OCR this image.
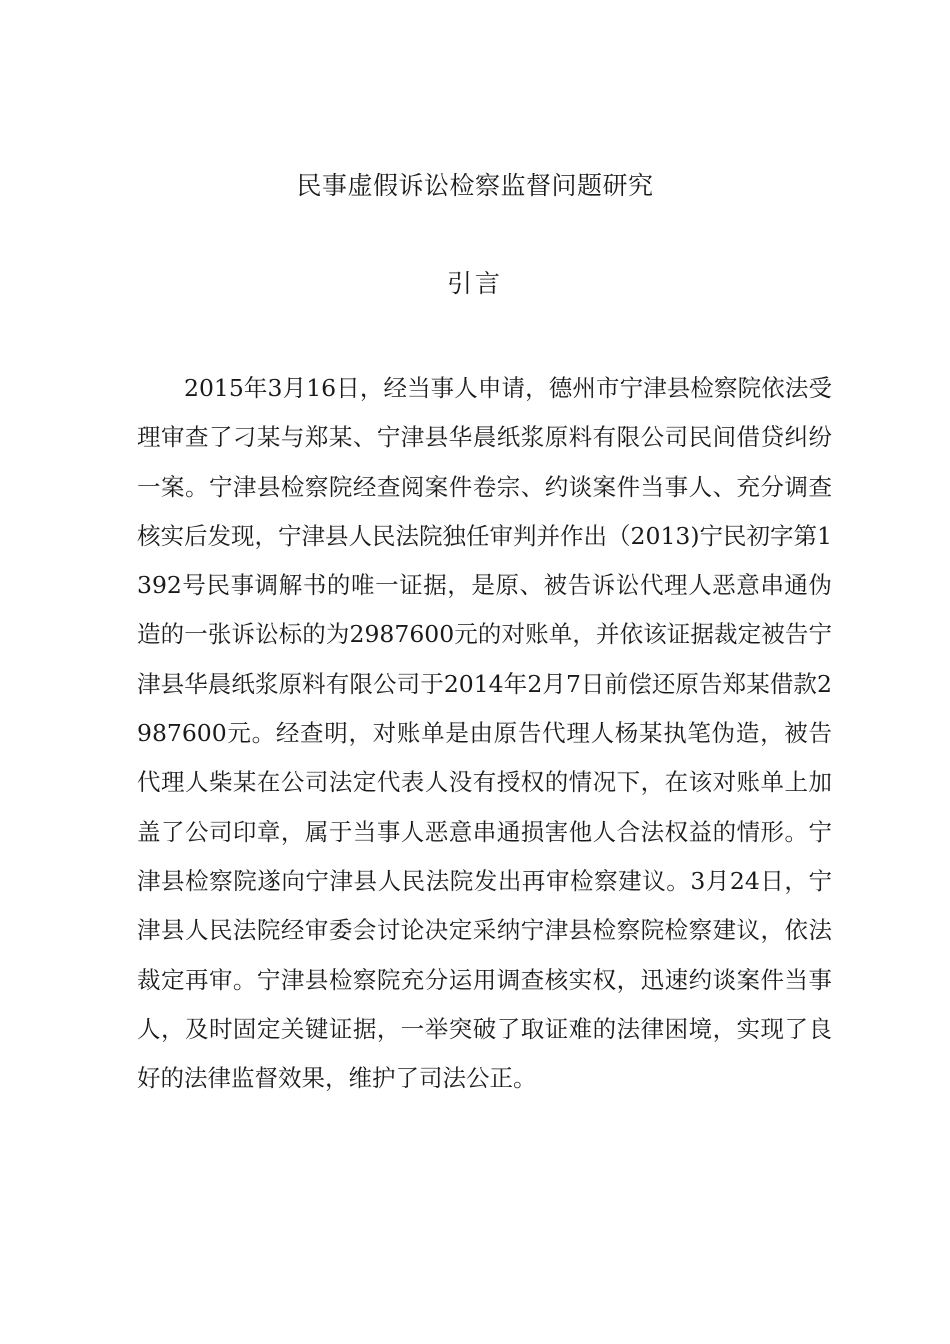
民事虚假诉讼检察监督问题研究
引言

2015年3月16日，经当事人申请，德州市宁津县检察院依法受理审查了刁某与郑某、宁津县华晨纸浆原料有限公司民间借贷纠纷一案。宁津县检察院经查阅案件卷宗、约谈案件当事人、充分调查核实后发现，宁津县人民法院独任审判并作出（2013)宁民初字第1392号民事调解书的唯一证据，是原、被告诉讼代理人恶意串通伪造的一张诉讼标的为2987600元的对账单，并依该证据裁定被告宁津县华晨纸浆原料有限公司于2014年2月7日前偿还原告郑某借款2987600元。经查明，对账单是由原告代理人杨某执笔伪造，被告代理人柴某在公司法定代表人没有授权的情况下，在该对账单上加盖了公司印章，属于当事人恶意串通损害他人合法权益的情形。宁津县检察院遂向宁津县人民法院发出再审检察建议。3月24日，宁津县人民法院经审委会讨论决定采纳宁津县检察院检察建议，依法裁定再审。宁津县检察院充分运用调查核实权，迅速约谈案件当事人，及时固定关键证据，一举突破了取证难的法律困境，实现了良好的法律监督效果，维护了司法公正。
